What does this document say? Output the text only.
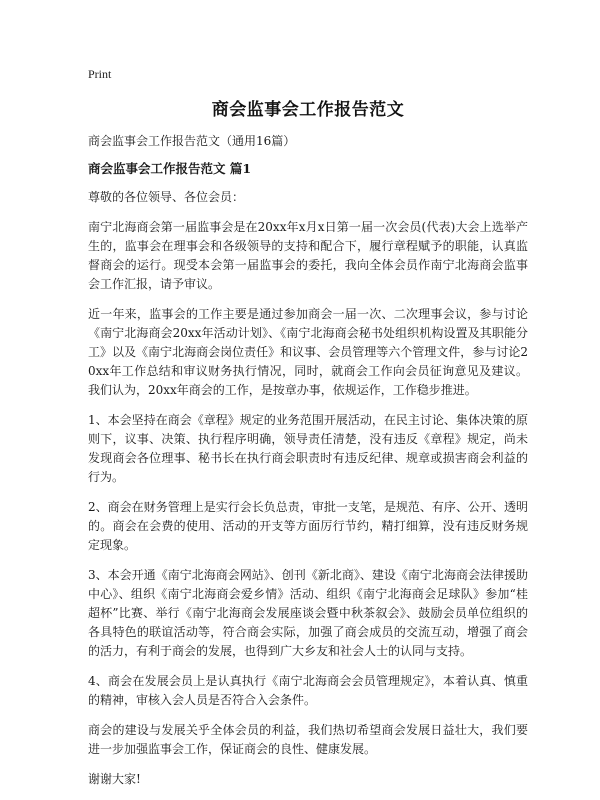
Print
商会监事会工作报告范文

商会监事会工作报告范文（通用16篇）

商会监事会工作报告范文 篇1

尊敬的各位领导、各位会员：

南宁北海商会第一届监事会是在20xx年x月x日第一届一次会员(代表)大会上选举产生的，监事会在理事会和各级领导的支持和配合下，履行章程赋予的职能，认真监督商会的运行。现受本会第一届监事会的委托，我向全体会员作南宁北海商会监事会工作汇报，请予审议。

近一年来，监事会的工作主要是通过参加商会一届一次、二次理事会议，参与讨论《南宁北海商会20xx年活动计划》、《南宁北海商会秘书处组织机构设置及其职能分工》以及《南宁北海商会岗位责任》和议事、会员管理等六个管理文件，参与讨论20xx年工作总结和审议财务执行情况，同时，就商会工作向会员征询意见及建议。我们认为，20xx年商会的工作，是按章办事，依规运作，工作稳步推进。

1、本会坚持在商会《章程》规定的业务范围开展活动，在民主讨论、集体决策的原则下，议事、决策、执行程序明确，领导责任清楚，没有违反《章程》规定，尚未发现商会各位理事、秘书长在执行商会职责时有违反纪律、规章或损害商会利益的行为。

2、商会在财务管理上是实行会长负总责，审批一支笔，是规范、有序、公开、透明的。商会在会费的使用、活动的开支等方面厉行节约，精打细算，没有违反财务规定现象。

3、本会开通《南宁北海商会网站》、创刊《新北商》、建设《南宁北海商会法律援助中心》、组织《南宁北海商会爱乡情》活动、组织《南宁北海商会足球队》参加“桂超杯”比赛、举行《南宁北海商会发展座谈会暨中秋茶叙会》、鼓励会员单位组织的各具特色的联谊活动等，符合商会实际，加强了商会成员的交流互动，增强了商会的活力，有利于商会的发展，也得到广大乡友和社会人士的认同与支持。

4、商会在发展会员上是认真执行《南宁北海商会会员管理规定》，本着认真、慎重的精神，审核入会人员是否符合入会条件。

商会的建设与发展关乎全体会员的利益，我们热切希望商会发展日益壮大，我们要进一步加强监事会工作，保证商会的良性、健康发展。

谢谢大家!
